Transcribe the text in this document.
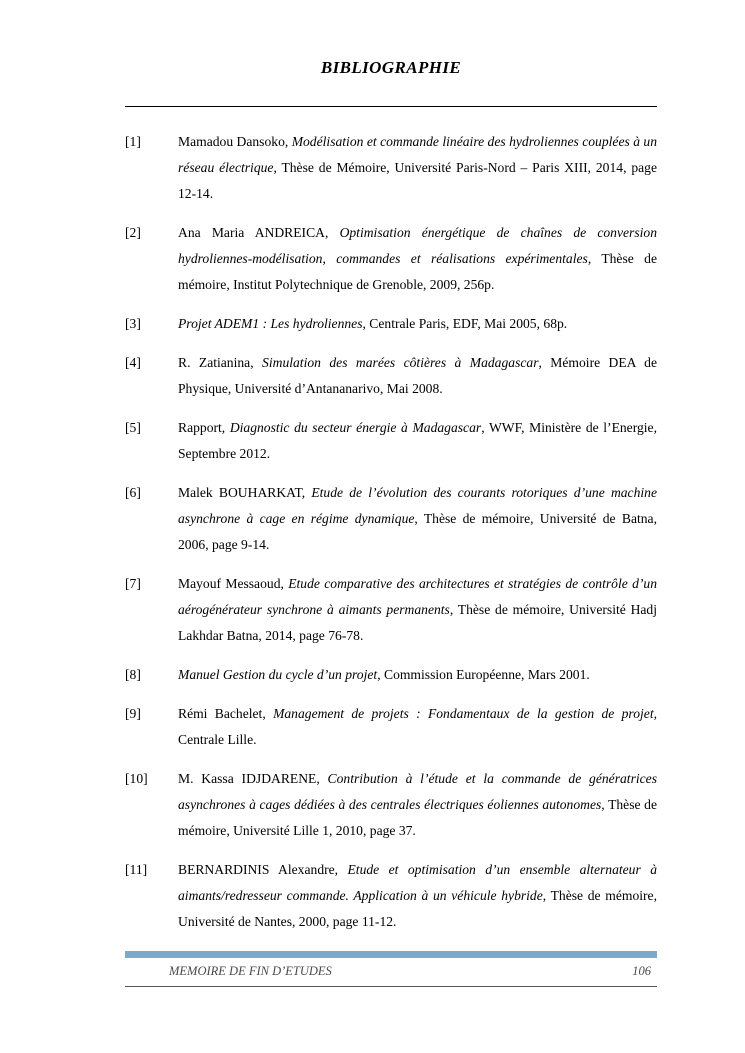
BIBLIOGRAPHIE
[1]	Mamadou Dansoko, Modélisation et commande linéaire des hydroliennes couplées à un réseau électrique, Thèse de Mémoire, Université Paris-Nord – Paris XIII, 2014, page 12-14.
[2]	Ana Maria ANDREICA, Optimisation énergétique de chaînes de conversion hydroliennes-modélisation, commandes et réalisations expérimentales, Thèse de mémoire, Institut Polytechnique de Grenoble, 2009, 256p.
[3]	Projet ADEM1 : Les hydroliennes, Centrale Paris, EDF, Mai 2005, 68p.
[4]	R. Zatianina, Simulation des marées côtières à Madagascar, Mémoire DEA de Physique, Université d’Antananarivo, Mai 2008.
[5]	Rapport, Diagnostic du secteur énergie à Madagascar, WWF, Ministère de l’Energie, Septembre 2012.
[6]	Malek BOUHARKAT, Etude de l’évolution des courants rotoriques d’une machine asynchrone à cage en régime dynamique, Thèse de mémoire, Université de Batna, 2006, page 9-14.
[7]	Mayouf Messaoud, Etude comparative des architectures et stratégies de contrôle d’un aérogénérateur synchrone à aimants permanents, Thèse de mémoire, Université Hadj Lakhdar Batna, 2014, page 76-78.
[8]	Manuel Gestion du cycle d’un projet, Commission Européenne, Mars 2001.
[9]	Rémi Bachelet, Management de projets : Fondamentaux de la gestion de projet, Centrale Lille.
[10]	M. Kassa IDJDARENE, Contribution à l’étude et la commande de génératrices asynchrones à cages dédiées à des centrales électriques éoliennes autonomes, Thèse de mémoire, Université Lille 1, 2010, page 37.
[11]	BERNARDINIS Alexandre, Etude et optimisation d’un ensemble alternateur à aimants/redresseur commande. Application à un véhicule hybride, Thèse de mémoire, Université de Nantes, 2000, page 11-12.
MEMOIRE DE FIN D’ETUDES	106
